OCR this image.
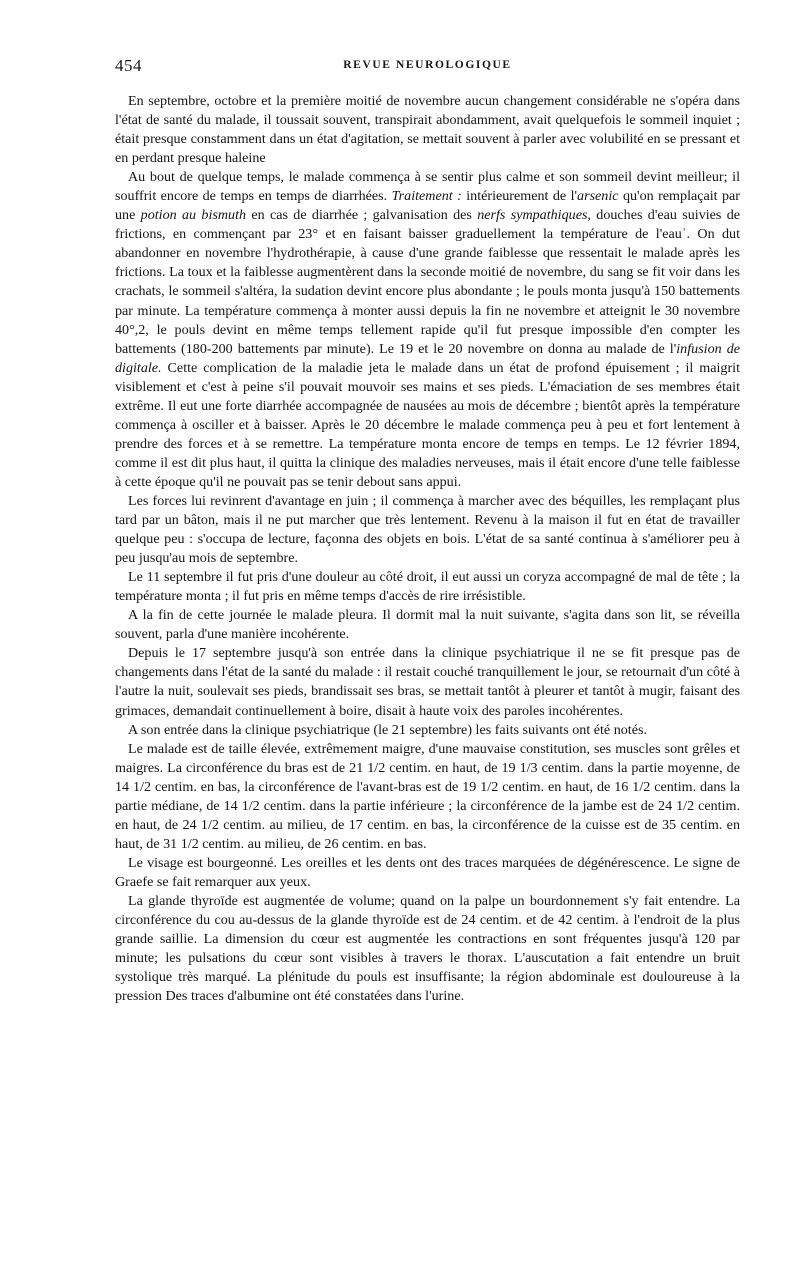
454	REVUE NEUROLOGIQUE

En septembre, octobre et la première moitié de novembre aucun changement considérable ne s'opéra dans l'état de santé du malade, il toussait souvent, transpirait abondamment, avait quelquefois le sommeil inquiet ; était presque constamment dans un état d'agitation, se mettait souvent à parler avec volubilité en se pressant et en perdant presque haleine

Au bout de quelque temps, le malade commença à se sentir plus calme et son sommeil devint meilleur; il souffrit encore de temps en temps de diarrhées. Traitement : intérieurement de l'arsenic qu'on remplaçait par une potion au bismuth en cas de diarrhée ; galvanisation des nerfs sympathiques, douches d'eau suivies de frictions, en commençant par 23° et en faisant baisser graduellement la température de l'eauʾ. On dut abandonner en novembre l'hydrothérapie, à cause d'une grande faiblesse que ressentait le malade après les frictions. La toux et la faiblesse augmentèrent dans la seconde moitié de novembre, du sang se fit voir dans les crachats, le sommeil s'altéra, la sudation devint encore plus abondante ; le pouls monta jusqu'à 150 battements par minute. La température commença à monter aussi depuis la fin ne novembre et atteignit le 30 novembre 40°,2, le pouls devint en même temps tellement rapide qu'il fut presque impossible d'en compter les battements (180-200 battements par minute). Le 19 et le 20 novembre on donna au malade de l'infusion de digitale. Cette complication de la maladie jeta le malade dans un état de profond épuisement ; il maigrit visiblement et c'est à peine s'il pouvait mouvoir ses mains et ses pieds. L'émaciation de ses membres était extrême. Il eut une forte diarrhée accompagnée de nausées au mois de décembre ; bientôt après la température commença à osciller et à baisser. Après le 20 décembre le malade commença peu à peu et fort lentement à prendre des forces et à se remettre. La température monta encore de temps en temps. Le 12 février 1894, comme il est dit plus haut, il quitta la clinique des maladies nerveuses, mais il était encore d'une telle faiblesse à cette époque qu'il ne pouvait pas se tenir debout sans appui.

Les forces lui revinrent d'avantage en juin ; il commença à marcher avec des béquilles, les remplaçant plus tard par un bâton, mais il ne put marcher que très lentement. Revenu à la maison il fut en état de travailler quelque peu : s'occupa de lecture, façonna des objets en bois. L'état de sa santé continua à s'améliorer peu à peu jusqu'au mois de septembre.

Le 11 septembre il fut pris d'une douleur au côté droit, il eut aussi un coryza accompagné de mal de tête ; la température monta ; il fut pris en même temps d'accès de rire irrésistible.

A la fin de cette journée le malade pleura. Il dormit mal la nuit suivante, s'agita dans son lit, se réveilla souvent, parla d'une manière incohérente.

Depuis le 17 septembre jusqu'à son entrée dans la clinique psychiatrique il ne se fit presque pas de changements dans l'état de la santé du malade : il restait couché tranquillement le jour, se retournait d'un côté à l'autre la nuit, soulevait ses pieds, brandissait ses bras, se mettait tantôt à pleurer et tantôt à mugir, faisant des grimaces, demandait continuellement à boire, disait à haute voix des paroles incohérentes.

A son entrée dans la clinique psychiatrique (le 21 septembre) les faits suivants ont été notés.

Le malade est de taille élevée, extrêmement maigre, d'une mauvaise constitution, ses muscles sont grêles et maigres. La circonférence du bras est de 21 1/2 centim. en haut, de 19 1/3 centim. dans la partie moyenne, de 14 1/2 centim. en bas, la circonférence de l'avant-bras est de 19 1/2 centim. en haut, de 16 1/2 centim. dans la partie médiane, de 14 1/2 centim. dans la partie inférieure ; la circonférence de la jambe est de 24 1/2 centim. en haut, de 24 1/2 centim. au milieu, de 17 centim. en bas, la circonférence de la cuisse est de 35 centim. en haut, de 31 1/2 centim. au milieu, de 26 centim. en bas.

Le visage est bourgeonné. Les oreilles et les dents ont des traces marquées de dégénérescence. Le signe de Graefe se fait remarquer aux yeux.

La glande thyroïde est augmentée de volume; quand on la palpe un bourdonnement s'y fait entendre. La circonférence du cou au-dessus de la glande thyroïde est de 24 centim. et de 42 centim. à l'endroit de la plus grande saillie. La dimension du cœur est augmentée les contractions en sont fréquentes jusqu'à 120 par minute; les pulsations du cœur sont visibles à travers le thorax. L'auscutation a fait entendre un bruit systolique très marqué. La plénitude du pouls est insuffisante; la région abdominale est douloureuse à la pression Des traces d'albumine ont été constatées dans l'urine.
